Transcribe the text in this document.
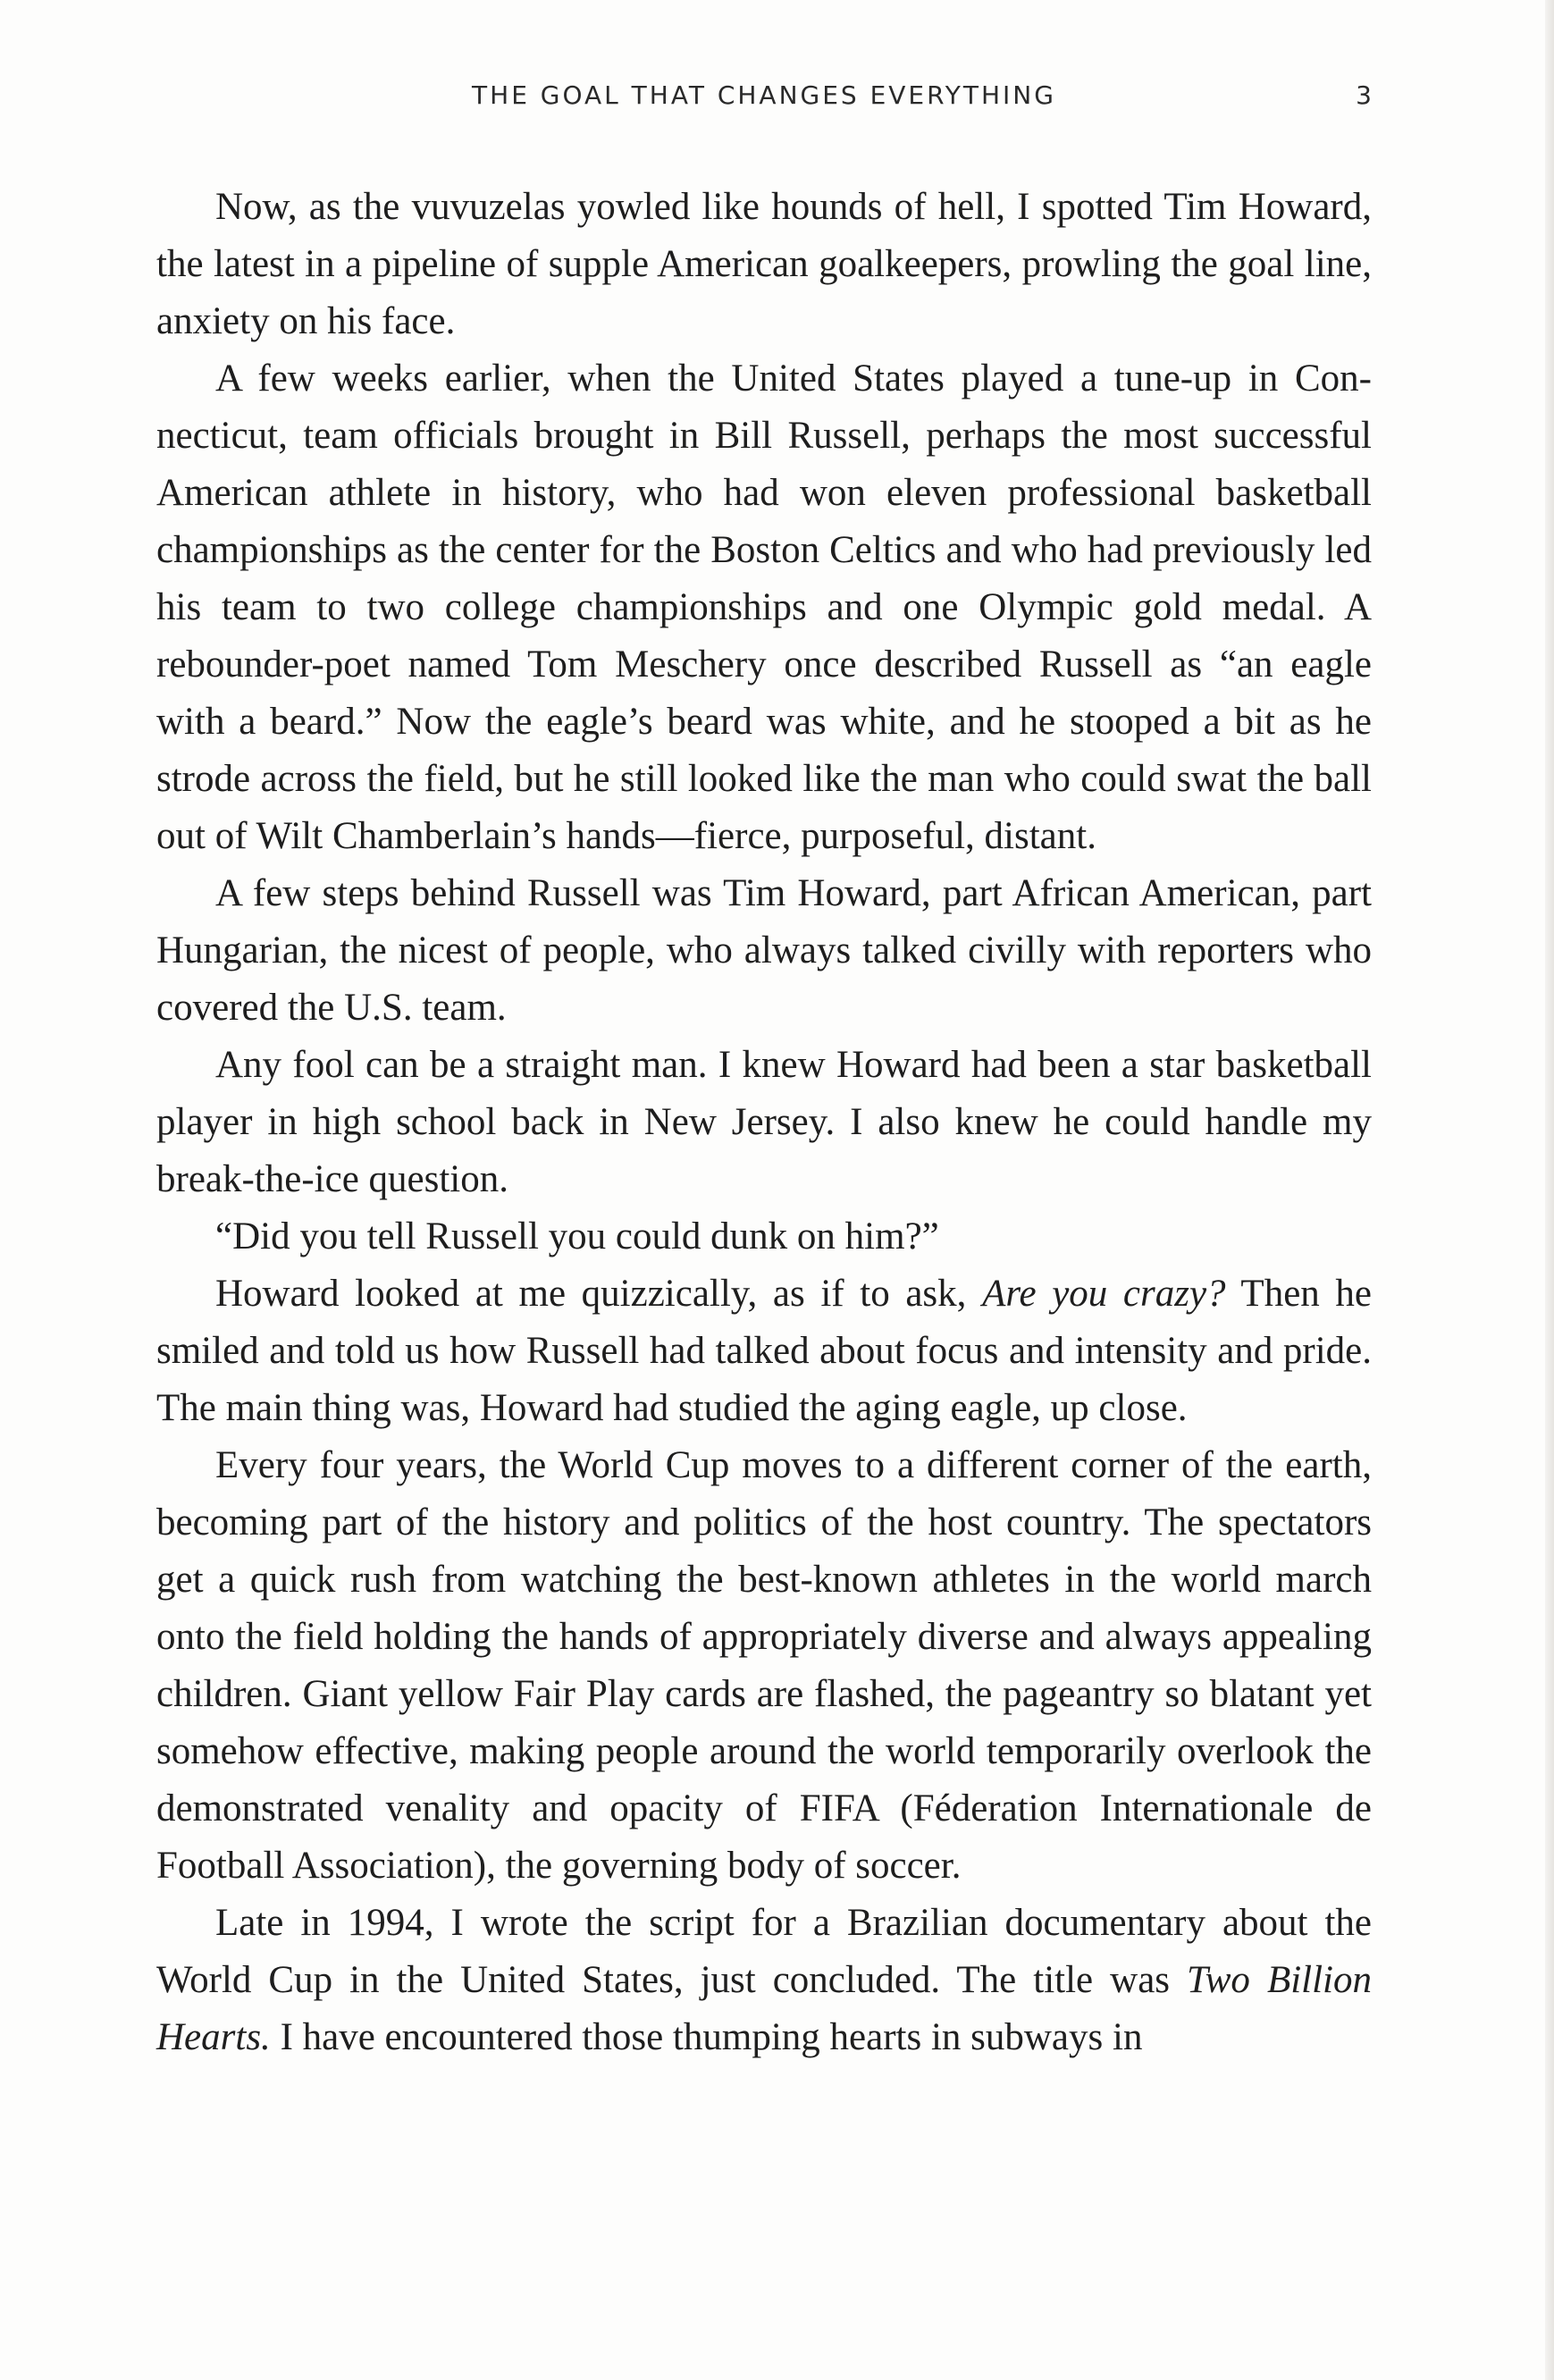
THE GOAL THAT CHANGES EVERYTHING	3

Now, as the vuvuzelas yowled like hounds of hell, I spotted Tim Howard, the latest in a pipeline of supple American goalkeepers, prowling the goal line, anxiety on his face.

A few weeks earlier, when the United States played a tune-up in Connecticut, team officials brought in Bill Russell, perhaps the most successful American athlete in history, who had won eleven professional basketball championships as the center for the Boston Celtics and who had previously led his team to two college championships and one Olympic gold medal. A rebounder-poet named Tom Meschery once described Russell as “an eagle with a beard.” Now the eagle’s beard was white, and he stooped a bit as he strode across the field, but he still looked like the man who could swat the ball out of Wilt Chamberlain’s hands—fierce, purposeful, distant.

A few steps behind Russell was Tim Howard, part African American, part Hungarian, the nicest of people, who always talked civilly with reporters who covered the U.S. team.

Any fool can be a straight man. I knew Howard had been a star basketball player in high school back in New Jersey. I also knew he could handle my break-the-ice question.

“Did you tell Russell you could dunk on him?”

Howard looked at me quizzically, as if to ask, Are you crazy? Then he smiled and told us how Russell had talked about focus and intensity and pride. The main thing was, Howard had studied the aging eagle, up close.

Every four years, the World Cup moves to a different corner of the earth, becoming part of the history and politics of the host country. The spectators get a quick rush from watching the best-known athletes in the world march onto the field holding the hands of appropriately diverse and always appealing children. Giant yellow Fair Play cards are flashed, the pageantry so blatant yet somehow effective, making people around the world temporarily overlook the demonstrated venality and opacity of FIFA (Féderation Internationale de Football Association), the governing body of soccer.

Late in 1994, I wrote the script for a Brazilian documentary about the World Cup in the United States, just concluded. The title was Two Billion Hearts. I have encountered those thumping hearts in subways in
